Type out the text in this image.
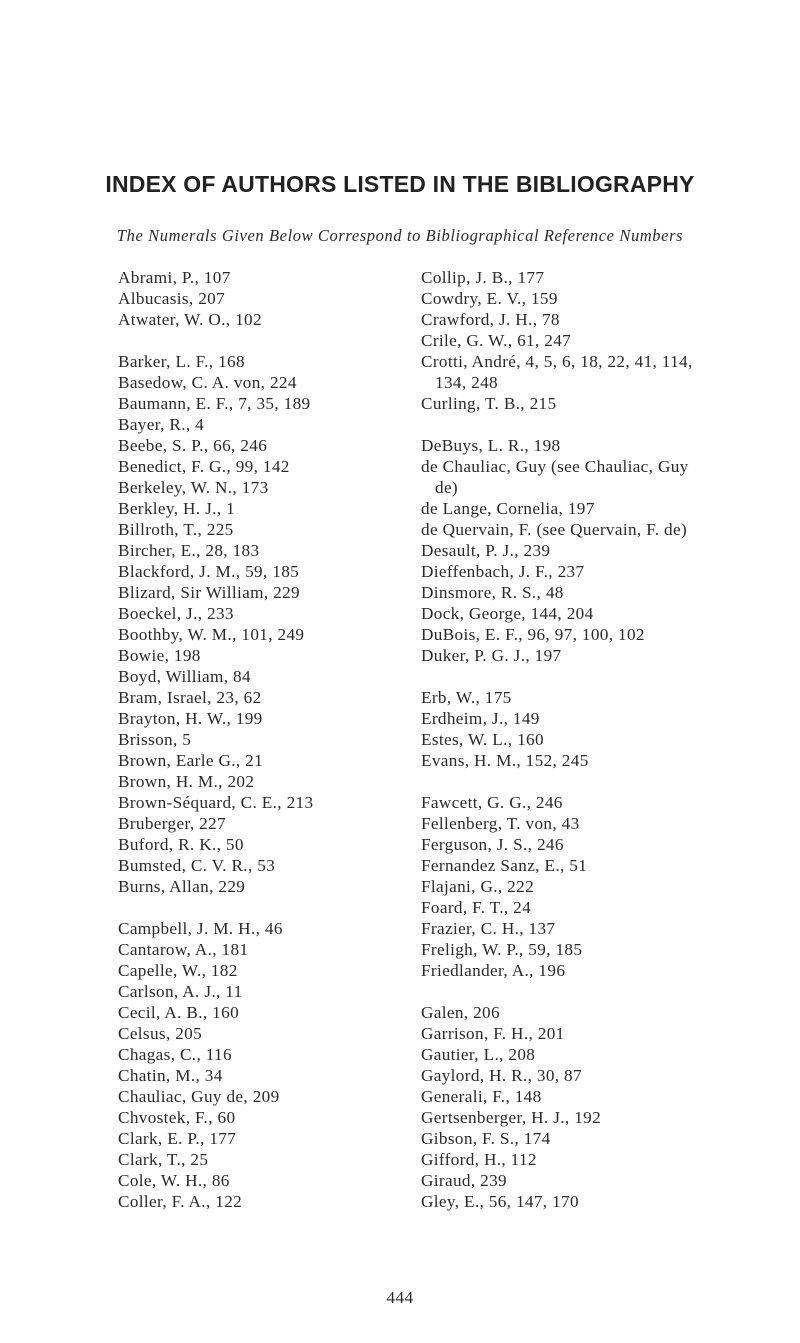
INDEX OF AUTHORS LISTED IN THE BIBLIOGRAPHY
The Numerals Given Below Correspond to Bibliographical Reference Numbers
Abrami, P., 107
Albucasis, 207
Atwater, W. O., 102
Barker, L. F., 168
Basedow, C. A. von, 224
Baumann, E. F., 7, 35, 189
Bayer, R., 4
Beebe, S. P., 66, 246
Benedict, F. G., 99, 142
Berkeley, W. N., 173
Berkley, H. J., 1
Billroth, T., 225
Bircher, E., 28, 183
Blackford, J. M., 59, 185
Blizard, Sir William, 229
Boeckel, J., 233
Boothby, W. M., 101, 249
Bowie, 198
Boyd, William, 84
Bram, Israel, 23, 62
Brayton, H. W., 199
Brisson, 5
Brown, Earle G., 21
Brown, H. M., 202
Brown-Séquard, C. E., 213
Bruberger, 227
Buford, R. K., 50
Bumsted, C. V. R., 53
Burns, Allan, 229
Campbell, J. M. H., 46
Cantarow, A., 181
Capelle, W., 182
Carlson, A. J., 11
Cecil, A. B., 160
Celsus, 205
Chagas, C., 116
Chatin, M., 34
Chauliac, Guy de, 209
Chvostek, F., 60
Clark, E. P., 177
Clark, T., 25
Cole, W. H., 86
Coller, F. A., 122
Collip, J. B., 177
Cowdry, E. V., 159
Crawford, J. H., 78
Crile, G. W., 61, 247
Crotti, André, 4, 5, 6, 18, 22, 41, 114,
134, 248
Curling, T. B., 215
DeBuys, L. R., 198
de Chauliac, Guy (see Chauliac, Guy
de)
de Lange, Cornelia, 197
de Quervain, F. (see Quervain, F. de)
Desault, P. J., 239
Dieffenbach, J. F., 237
Dinsmore, R. S., 48
Dock, George, 144, 204
DuBois, E. F., 96, 97, 100, 102
Duker, P. G. J., 197
Erb, W., 175
Erdheim, J., 149
Estes, W. L., 160
Evans, H. M., 152, 245
Fawcett, G. G., 246
Fellenberg, T. von, 43
Ferguson, J. S., 246
Fernandez Sanz, E., 51
Flajani, G., 222
Foard, F. T., 24
Frazier, C. H., 137
Freligh, W. P., 59, 185
Friedlander, A., 196
Galen, 206
Garrison, F. H., 201
Gautier, L., 208
Gaylord, H. R., 30, 87
Generali, F., 148
Gertsenberger, H. J., 192
Gibson, F. S., 174
Gifford, H., 112
Giraud, 239
Gley, E., 56, 147, 170
444
